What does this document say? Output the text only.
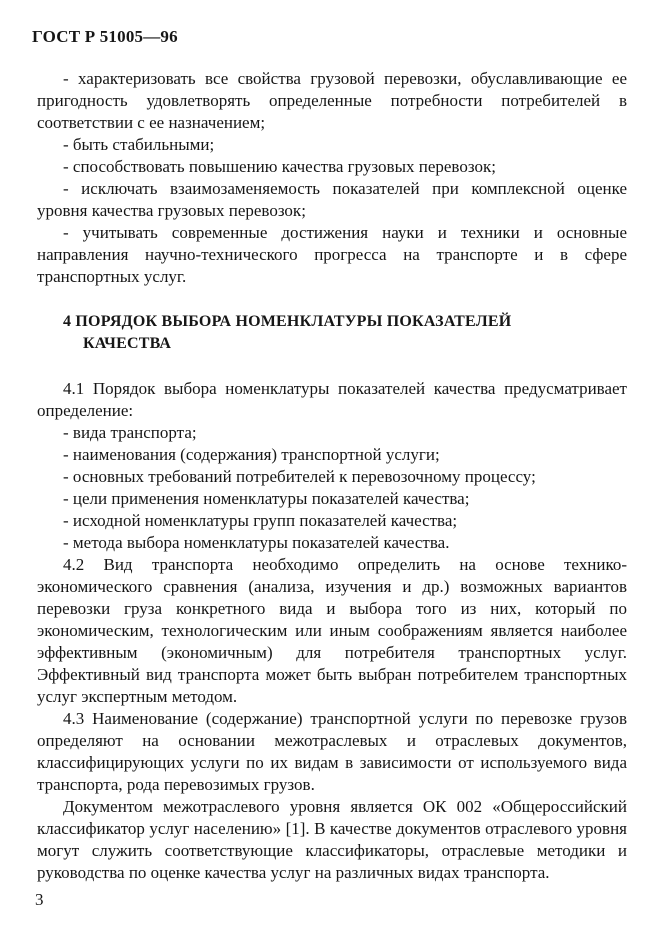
ГОСТ Р 51005—96

- характеризовать все свойства грузовой перевозки, обуславливающие ее пригодность удовлетворять определенные потребности потребителей в соответствии с ее назначением;

- быть стабильными;

- способствовать повышению качества грузовых перевозок;

- исключать взаимозаменяемость показателей при комплексной оценке уровня качества грузовых перевозок;

- учитывать современные достижения науки и техники и основные направления научно-технического прогресса на транспорте и в сфере транспортных услуг.

4 ПОРЯДОК ВЫБОРА НОМЕНКЛАТУРЫ ПОКАЗАТЕЛЕЙ
КАЧЕСТВА

4.1 Порядок выбора номенклатуры показателей качества предусматривает определение:

- вида транспорта;

- наименования (содержания) транспортной услуги;

- основных требований потребителей к перевозочному процессу;

- цели применения номенклатуры показателей качества;

- исходной номенклатуры групп показателей качества;

- метода выбора номенклатуры показателей качества.

4.2 Вид транспорта необходимо определить на основе технико-экономического сравнения (анализа, изучения и др.) возможных вариантов перевозки груза конкретного вида и выбора того из них, который по экономическим, технологическим или иным соображениям является наиболее эффективным (экономичным) для потребителя транспортных услуг. Эффективный вид транспорта может быть выбран потребителем транспортных услуг экспертным методом.

4.3 Наименование (содержание) транспортной услуги по перевозке грузов определяют на основании межотраслевых и отраслевых документов, классифицирующих услуги по их видам в зависимости от используемого вида транспорта, рода перевозимых грузов.

Документом межотраслевого уровня является ОК 002 «Общероссийский классификатор услуг населению» [1]. В качестве документов отраслевого уровня могут служить соответствующие классификаторы, отраслевые методики и руководства по оценке качества услуг на различных видах транспорта.

3
